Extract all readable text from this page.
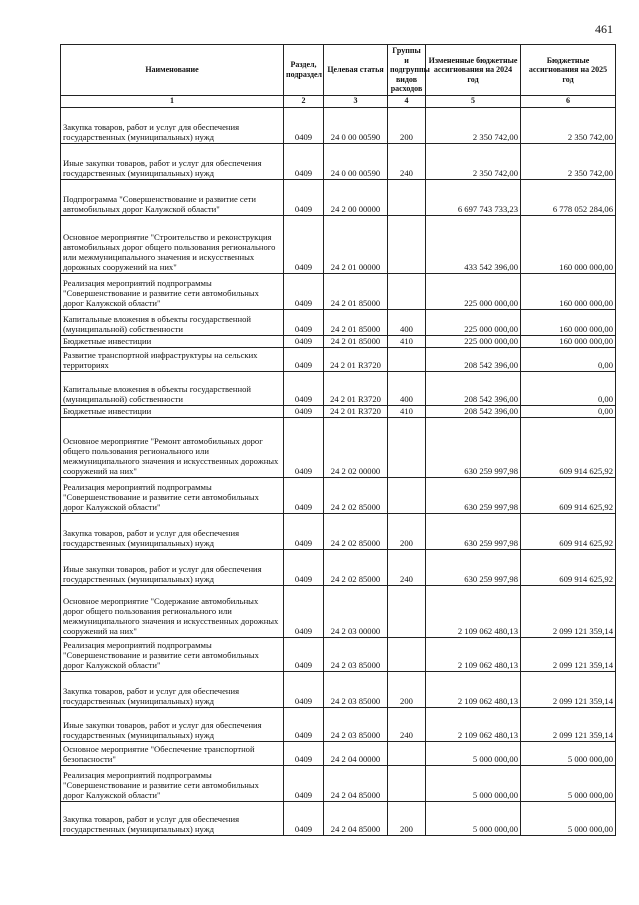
461
Наименование	Раздел, подраздел	Целевая статья	Группы и подгруппы видов расходов	Измененные бюджетные ассигнования на 2024 год	Бюджетные ассигнования на 2025 год
1	2	3	4	5	6
Закупка товаров, работ и услуг для обеспечения государственных (муниципальных) нужд	0409	24 0 00 00590	200	2 350 742,00	2 350 742,00
Иные закупки товаров, работ и услуг для обеспечения государственных (муниципальных) нужд	0409	24 0 00 00590	240	2 350 742,00	2 350 742,00
Подпрограмма "Совершенствование и развитие сети автомобильных дорог Калужской области"	0409	24 2 00 00000		6 697 743 733,23	6 778 052 284,06
Основное мероприятие "Строительство и реконструкция автомобильных дорог общего пользования регионального или межмуниципального значения и искусственных дорожных сооружений на них"	0409	24 2 01 00000		433 542 396,00	160 000 000,00
Реализация мероприятий подпрограммы "Совершенствование и развитие сети автомобильных дорог Калужской области"	0409	24 2 01 85000		225 000 000,00	160 000 000,00
Капитальные вложения в объекты государственной (муниципальной) собственности	0409	24 2 01 85000	400	225 000 000,00	160 000 000,00
Бюджетные инвестиции	0409	24 2 01 85000	410	225 000 000,00	160 000 000,00
Развитие транспортной инфраструктуры на сельских территориях	0409	24 2 01 R3720		208 542 396,00	0,00
Капитальные вложения в объекты государственной (муниципальной) собственности	0409	24 2 01 R3720	400	208 542 396,00	0,00
Бюджетные инвестиции	0409	24 2 01 R3720	410	208 542 396,00	0,00
Основное мероприятие "Ремонт автомобильных дорог общего пользования регионального или межмуниципального значения и искусственных дорожных сооружений на них"	0409	24 2 02 00000		630 259 997,98	609 914 625,92
Реализация мероприятий подпрограммы "Совершенствование и развитие сети автомобильных дорог Калужской области"	0409	24 2 02 85000		630 259 997,98	609 914 625,92
Закупка товаров, работ и услуг для обеспечения государственных (муниципальных) нужд	0409	24 2 02 85000	200	630 259 997,98	609 914 625,92
Иные закупки товаров, работ и услуг для обеспечения государственных (муниципальных) нужд	0409	24 2 02 85000	240	630 259 997,98	609 914 625,92
Основное мероприятие "Содержание автомобильных дорог общего пользования регионального или межмуниципального значения и искусственных дорожных сооружений на них"	0409	24 2 03 00000		2 109 062 480,13	2 099 121 359,14
Реализация мероприятий подпрограммы "Совершенствование и развитие сети автомобильных дорог Калужской области"	0409	24 2 03 85000		2 109 062 480,13	2 099 121 359,14
Закупка товаров, работ и услуг для обеспечения государственных (муниципальных) нужд	0409	24 2 03 85000	200	2 109 062 480,13	2 099 121 359,14
Иные закупки товаров, работ и услуг для обеспечения государственных (муниципальных) нужд	0409	24 2 03 85000	240	2 109 062 480,13	2 099 121 359,14
Основное мероприятие "Обеспечение транспортной безопасности"	0409	24 2 04 00000		5 000 000,00	5 000 000,00
Реализация мероприятий подпрограммы "Совершенствование и развитие сети автомобильных дорог Калужской области"	0409	24 2 04 85000		5 000 000,00	5 000 000,00
Закупка товаров, работ и услуг для обеспечения государственных (муниципальных) нужд	0409	24 2 04 85000	200	5 000 000,00	5 000 000,00
